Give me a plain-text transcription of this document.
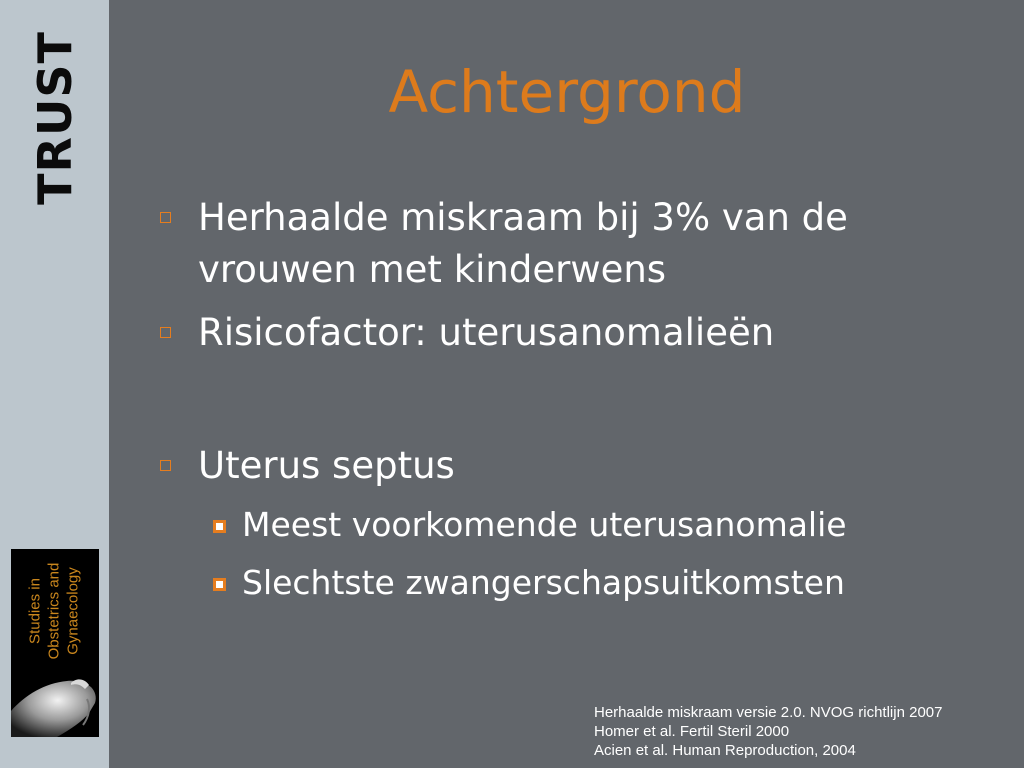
TRUST
Studies in Obstetrics and Gynaecology
Achtergrond
Herhaalde miskraam bij 3% van de
vrouwen met kinderwens
Risicofactor: uterusanomalieën
Uterus septus
Meest voorkomende uterusanomalie
Slechtste zwangerschapsuitkomsten
Herhaalde miskraam versie 2.0. NVOG richtlijn 2007
Homer et al. Fertil Steril 2000
Acien et al. Human Reproduction, 2004
